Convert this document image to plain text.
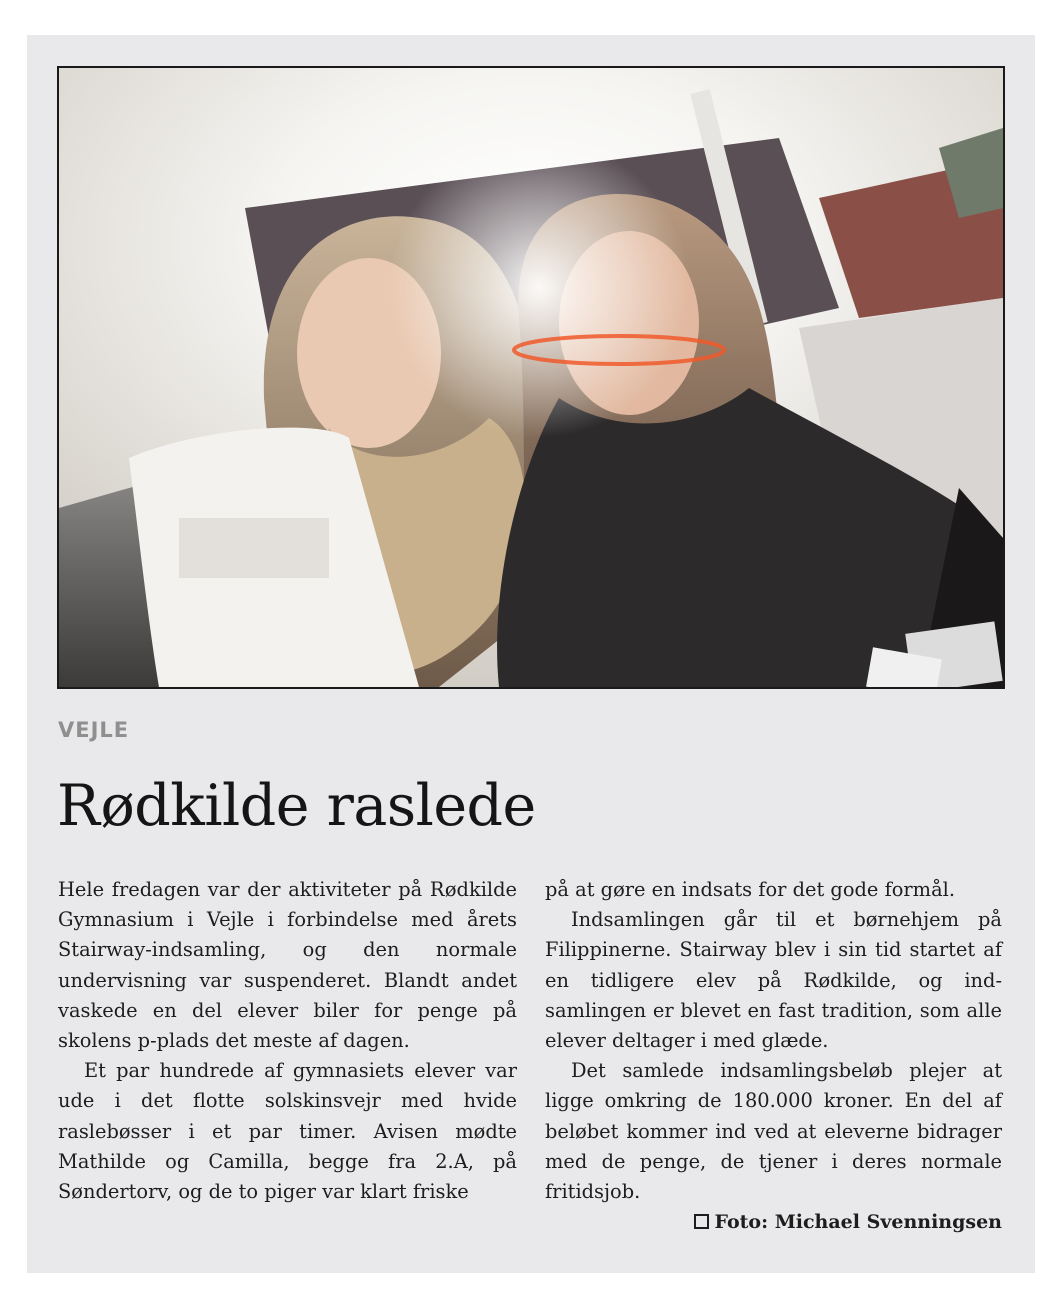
VEJLE
Rødkilde raslede

Hele fredagen var der aktiviteter på Rødkilde Gymnasium i Vejle i forbindelse med årets Stairway-indsamling, og den normale undervisning var suspenderet. Blandt andet vaskede en del elever biler for penge på skolens p-plads det meste af dagen.

Et par hundrede af gymnasiets elever var ude i det flotte solskinsvejr med hvide raslebøsser i et par timer. Avisen mødte Mathilde og Camilla, begge fra 2.A, på Søndertorv, og de to piger var klart friske

på at gøre en indsats for det gode formål.

Indsamlingen går til et børnehjem på Filippinerne. Stairway blev i sin tid startet af en tidligere elev på Rødkilde, og indsamlingen er blevet en fast tradition, som alle elever deltager i med glæde.

Det samlede indsamlingsbeløb plejer at ligge omkring de 180.000 kroner. En del af beløbet kommer ind ved at eleverne bidrager med de penge, de tjener i deres normale fritidsjob.

Foto: Michael Svenningsen
